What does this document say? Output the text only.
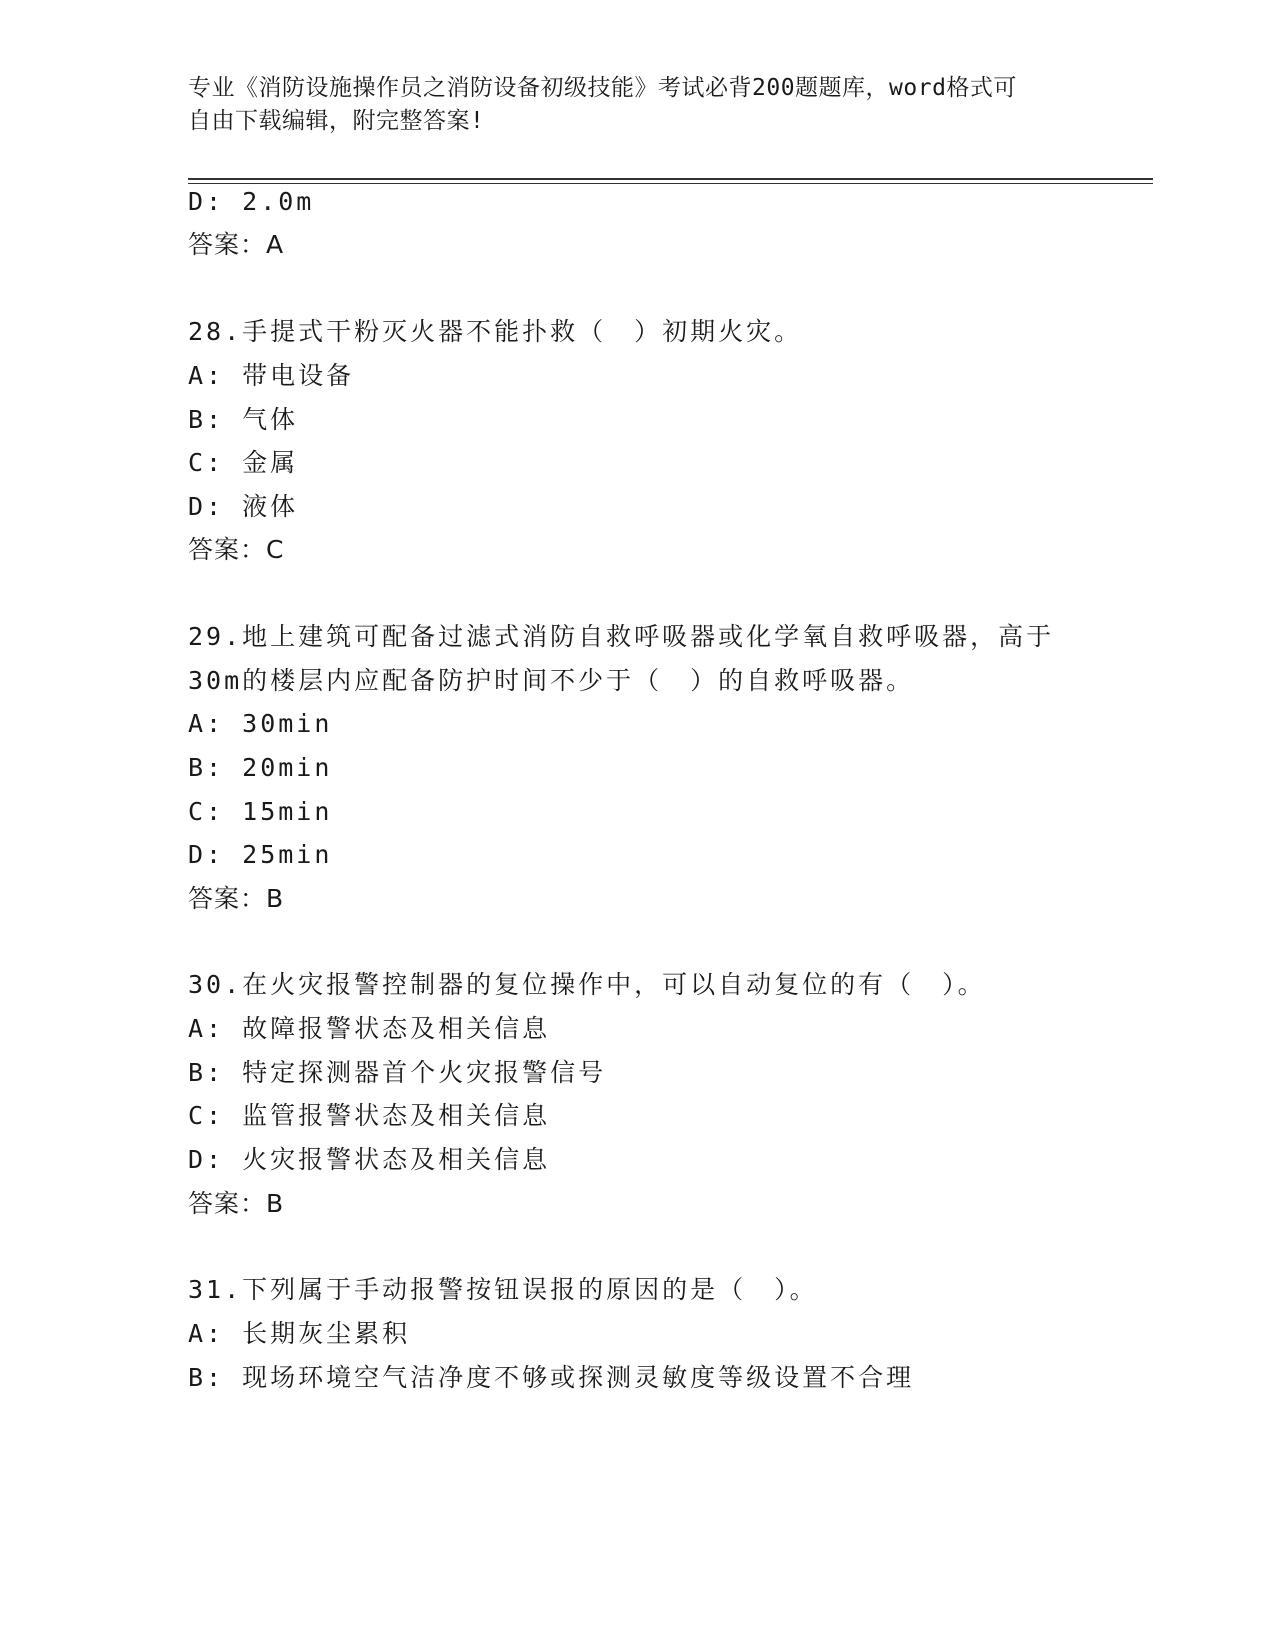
专业《消防设施操作员之消防设备初级技能》考试必背200题题库，word格式可
自由下载编辑，附完整答案!
D: 2.0m
答案：A
28.手提式干粉灭火器不能扑救（　）初期火灾。
A: 带电设备
B: 气体
C: 金属
D: 液体
答案：C
29.地上建筑可配备过滤式消防自救呼吸器或化学氧自救呼吸器，高于
30m的楼层内应配备防护时间不少于（　）的自救呼吸器。
A: 30min
B: 20min
C: 15min
D: 25min
答案：B
30.在火灾报警控制器的复位操作中，可以自动复位的有（　）。
A: 故障报警状态及相关信息
B: 特定探测器首个火灾报警信号
C: 监管报警状态及相关信息
D: 火灾报警状态及相关信息
答案：B
31.下列属于手动报警按钮误报的原因的是（　）。
A: 长期灰尘累积
B: 现场环境空气洁净度不够或探测灵敏度等级设置不合理
